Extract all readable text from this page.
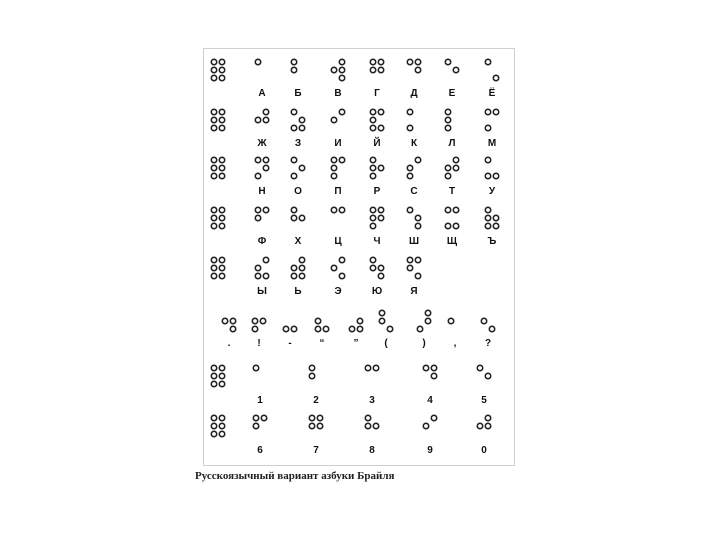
А	Б	В	Г	Д	Е	Ё
Ж	З	И	Й	К	Л	М
Н	О	П	Р	С	Т	У
Ф	Х	Ц	Ч	Ш	Щ	Ъ
Ы	Ь	Э	Ю	Я
.	!	-	“	”	(	)	,	?
1	2	3	4	5
6	7	8	9	0
Русскоязычный вариант азбуки Брайля
